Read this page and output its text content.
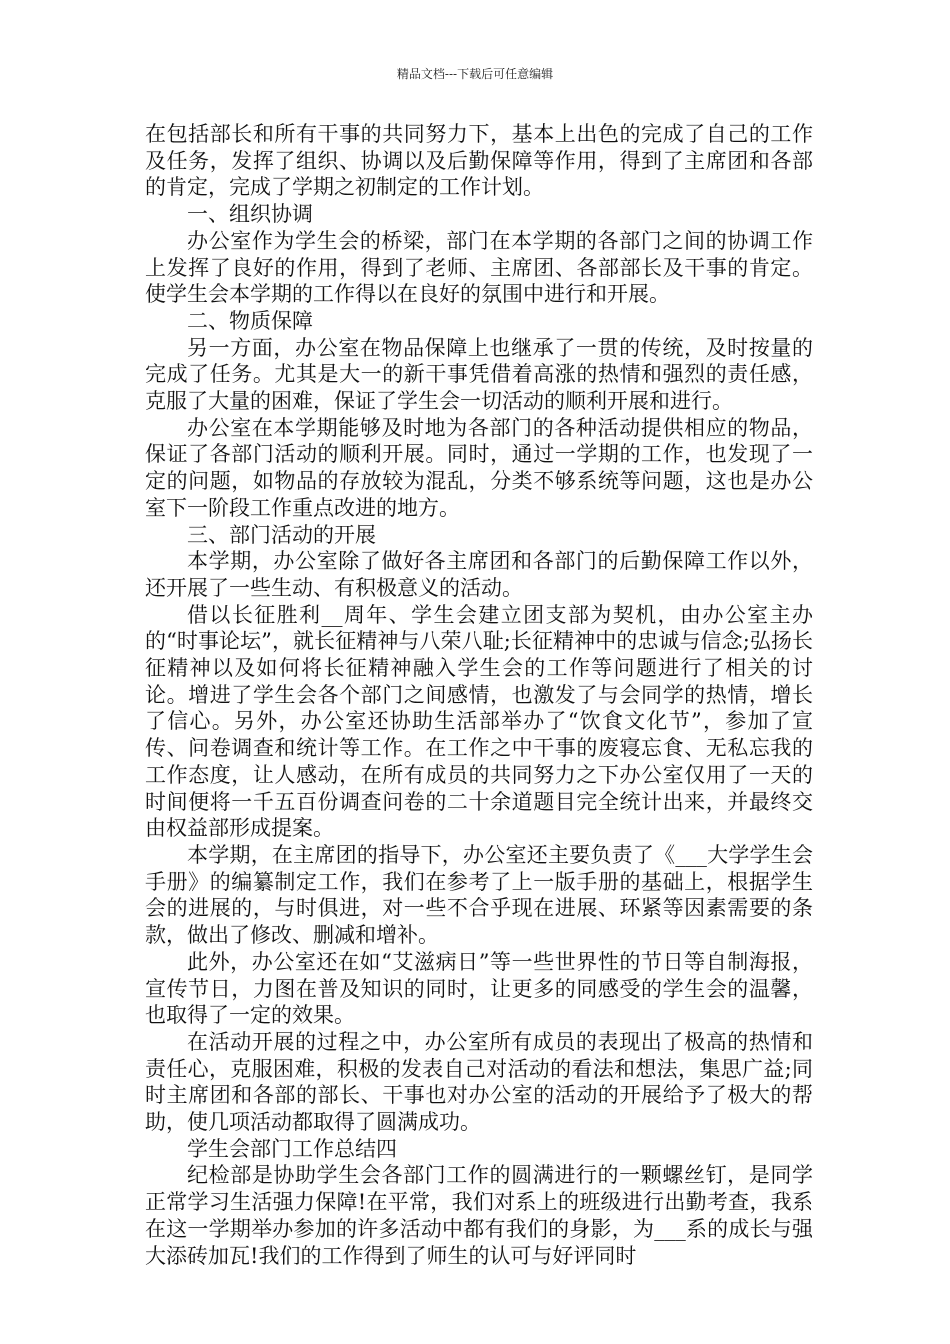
精品文档---下载后可任意编辑

在包括部长和所有干事的共同努力下，基本上出色的完成了自己的工作及任务，发挥了组织、协调以及后勤保障等作用，得到了主席团和各部的肯定，完成了学期之初制定的工作计划。

一、组织协调

办公室作为学生会的桥梁，部门在本学期的各部门之间的协调工作上发挥了良好的作用，得到了老师、主席团、各部部长及干事的肯定。使学生会本学期的工作得以在良好的氛围中进行和开展。

二、物质保障

另一方面，办公室在物品保障上也继承了一贯的传统，及时按量的完成了任务。尤其是大一的新干事凭借着高涨的热情和强烈的责任感，克服了大量的困难，保证了学生会一切活动的顺利开展和进行。

办公室在本学期能够及时地为各部门的各种活动提供相应的物品，保证了各部门活动的顺利开展。同时，通过一学期的工作，也发现了一定的问题，如物品的存放较为混乱，分类不够系统等问题，这也是办公室下一阶段工作重点改进的地方。

三、部门活动的开展

本学期，办公室除了做好各主席团和各部门的后勤保障工作以外，还开展了一些生动、有积极意义的活动。

借以长征胜利__周年、学生会建立团支部为契机，由办公室主办的“时事论坛”，就长征精神与八荣八耻;长征精神中的忠诚与信念;弘扬长征精神以及如何将长征精神融入学生会的工作等问题进行了相关的讨论。增进了学生会各个部门之间感情，也激发了与会同学的热情，增长了信心。另外，办公室还协助生活部举办了“饮食文化节”，参加了宣传、问卷调查和统计等工作。在工作之中干事的废寝忘食、无私忘我的工作态度，让人感动，在所有成员的共同努力之下办公室仅用了一天的时间便将一千五百份调查问卷的二十余道题目完全统计出来，并最终交由权益部形成提案。

本学期，在主席团的指导下，办公室还主要负责了《___大学学生会手册》的编纂制定工作，我们在参考了上一版手册的基础上，根据学生会的进展的，与时俱进，对一些不合乎现在进展、环紧等因素需要的条款，做出了修改、删减和增补。

此外，办公室还在如“艾滋病日”等一些世界性的节日等自制海报，宣传节日，力图在普及知识的同时，让更多的同感受的学生会的温馨，也取得了一定的效果。

在活动开展的过程之中，办公室所有成员的表现出了极高的热情和责任心，克服困难，积极的发表自己对活动的看法和想法，集思广益;同时主席团和各部的部长、干事也对办公室的活动的开展给予了极大的帮助，使几项活动都取得了圆满成功。

学生会部门工作总结四

纪检部是协助学生会各部门工作的圆满进行的一颗螺丝钉，是同学正常学习生活强力保障!在平常，我们对系上的班级进行出勤考查，我系在这一学期举办参加的许多活动中都有我们的身影，为___系的成长与强大添砖加瓦!我们的工作得到了师生的认可与好评同时
